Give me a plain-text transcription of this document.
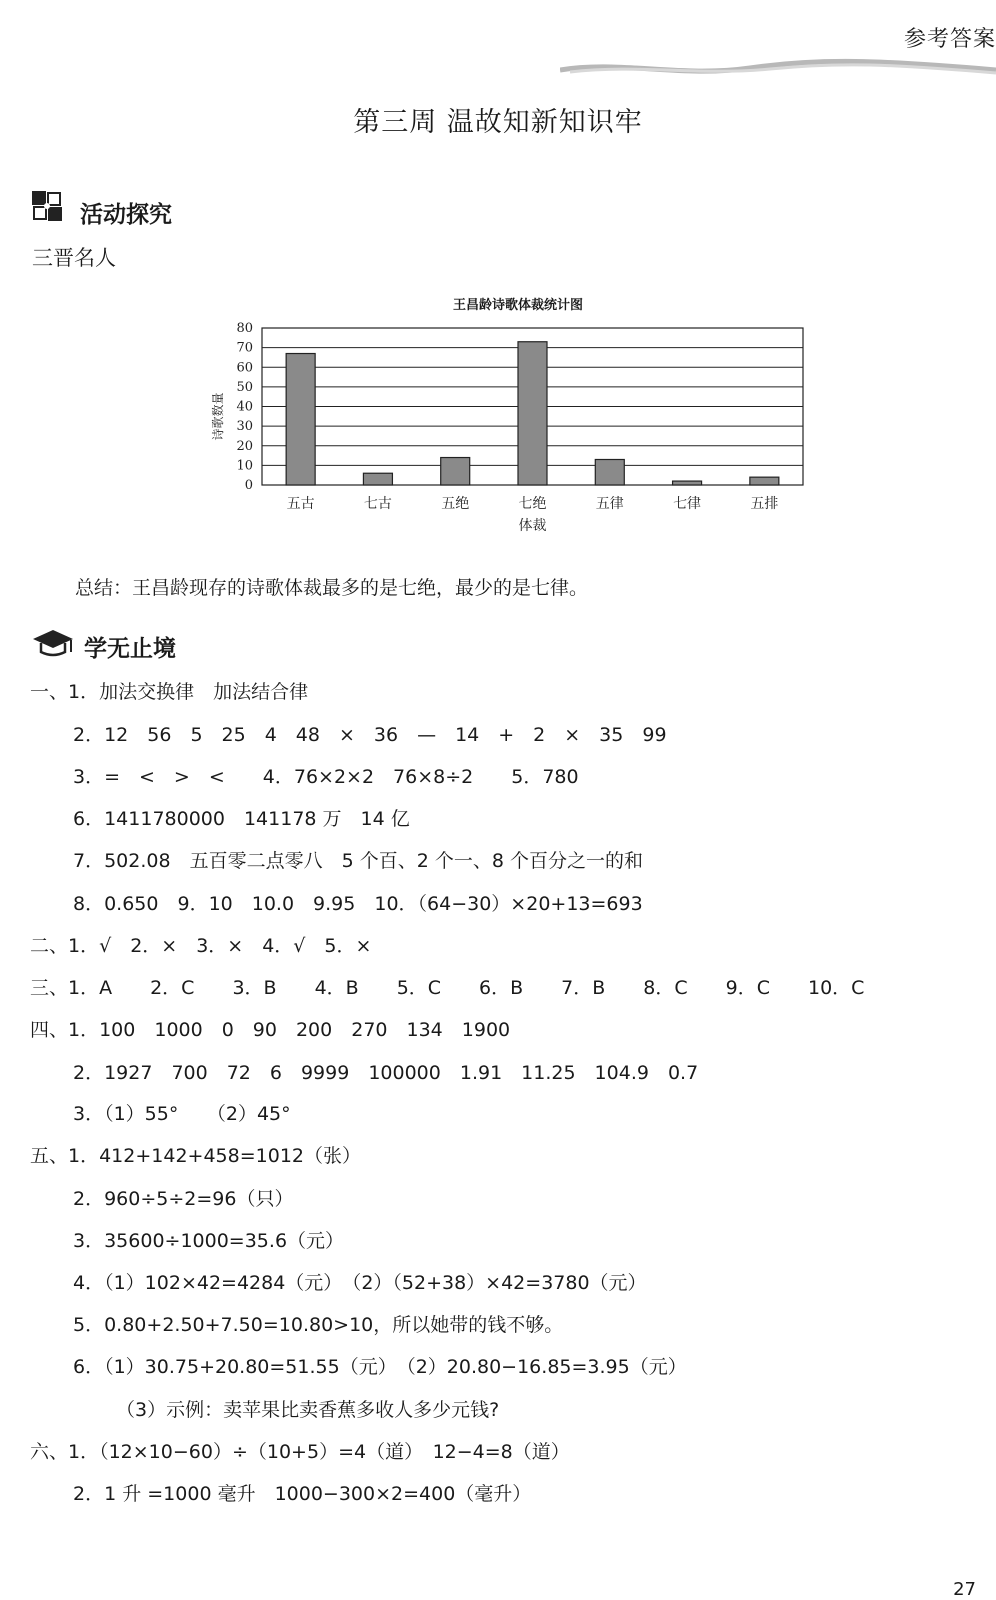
参考答案
第三周 温故知新知识牢
活动探究
三晋名人
王昌龄诗歌体裁统计图
0
10
20
30
40
50
60
70
80
五古	七古	五绝	七绝	五律	七律	五排
体裁
诗歌数量
总结：王昌龄现存的诗歌体裁最多的是七绝，最少的是七律。
学无止境
一、1．加法交换律　加法结合律
2．12　56　5　25　4　48　×　36　—　14　+　2　×　35　99
3．=　<　>　<　　4．76×2×2　76×8÷2　　5．780
6．1411780000　141178 万　14 亿
7．502.08　五百零二点零八　5 个百、2 个一、8 个百分之一的和
8．0.650　9．10　10.0　9.95　10．（64−30）×20+13=693
二、1．√　2．×　3．×　4．√　5．×
三、1．A　　2．C　　3．B　　4．B　　5．C　　6．B　　7．B　　8．C　　9．C　　10．C
四、1．100　1000　0　90　200　270　134　1900
2．1927　700　72　6　9999　100000　1.91　11.25　104.9　0.7
3．（1）55°　　（2）45°
五、1．412+142+458=1012（张）
2．960÷5÷2=96（只）
3．35600÷1000=35.6（元）
4．（1）102×42=4284（元）　（2）（52+38）×42=3780（元）
5．0.80+2.50+7.50=10.80>10，所以她带的钱不够。
6．（1）30.75+20.80=51.55（元）　（2）20.80−16.85=3.95（元）
（3）示例：卖苹果比卖香蕉多收人多少元钱?
六、1．（12×10−60）÷（10+5）=4（道）　12−4=8（道）
2．1 升 =1000 毫升　1000−300×2=400（毫升）
27
